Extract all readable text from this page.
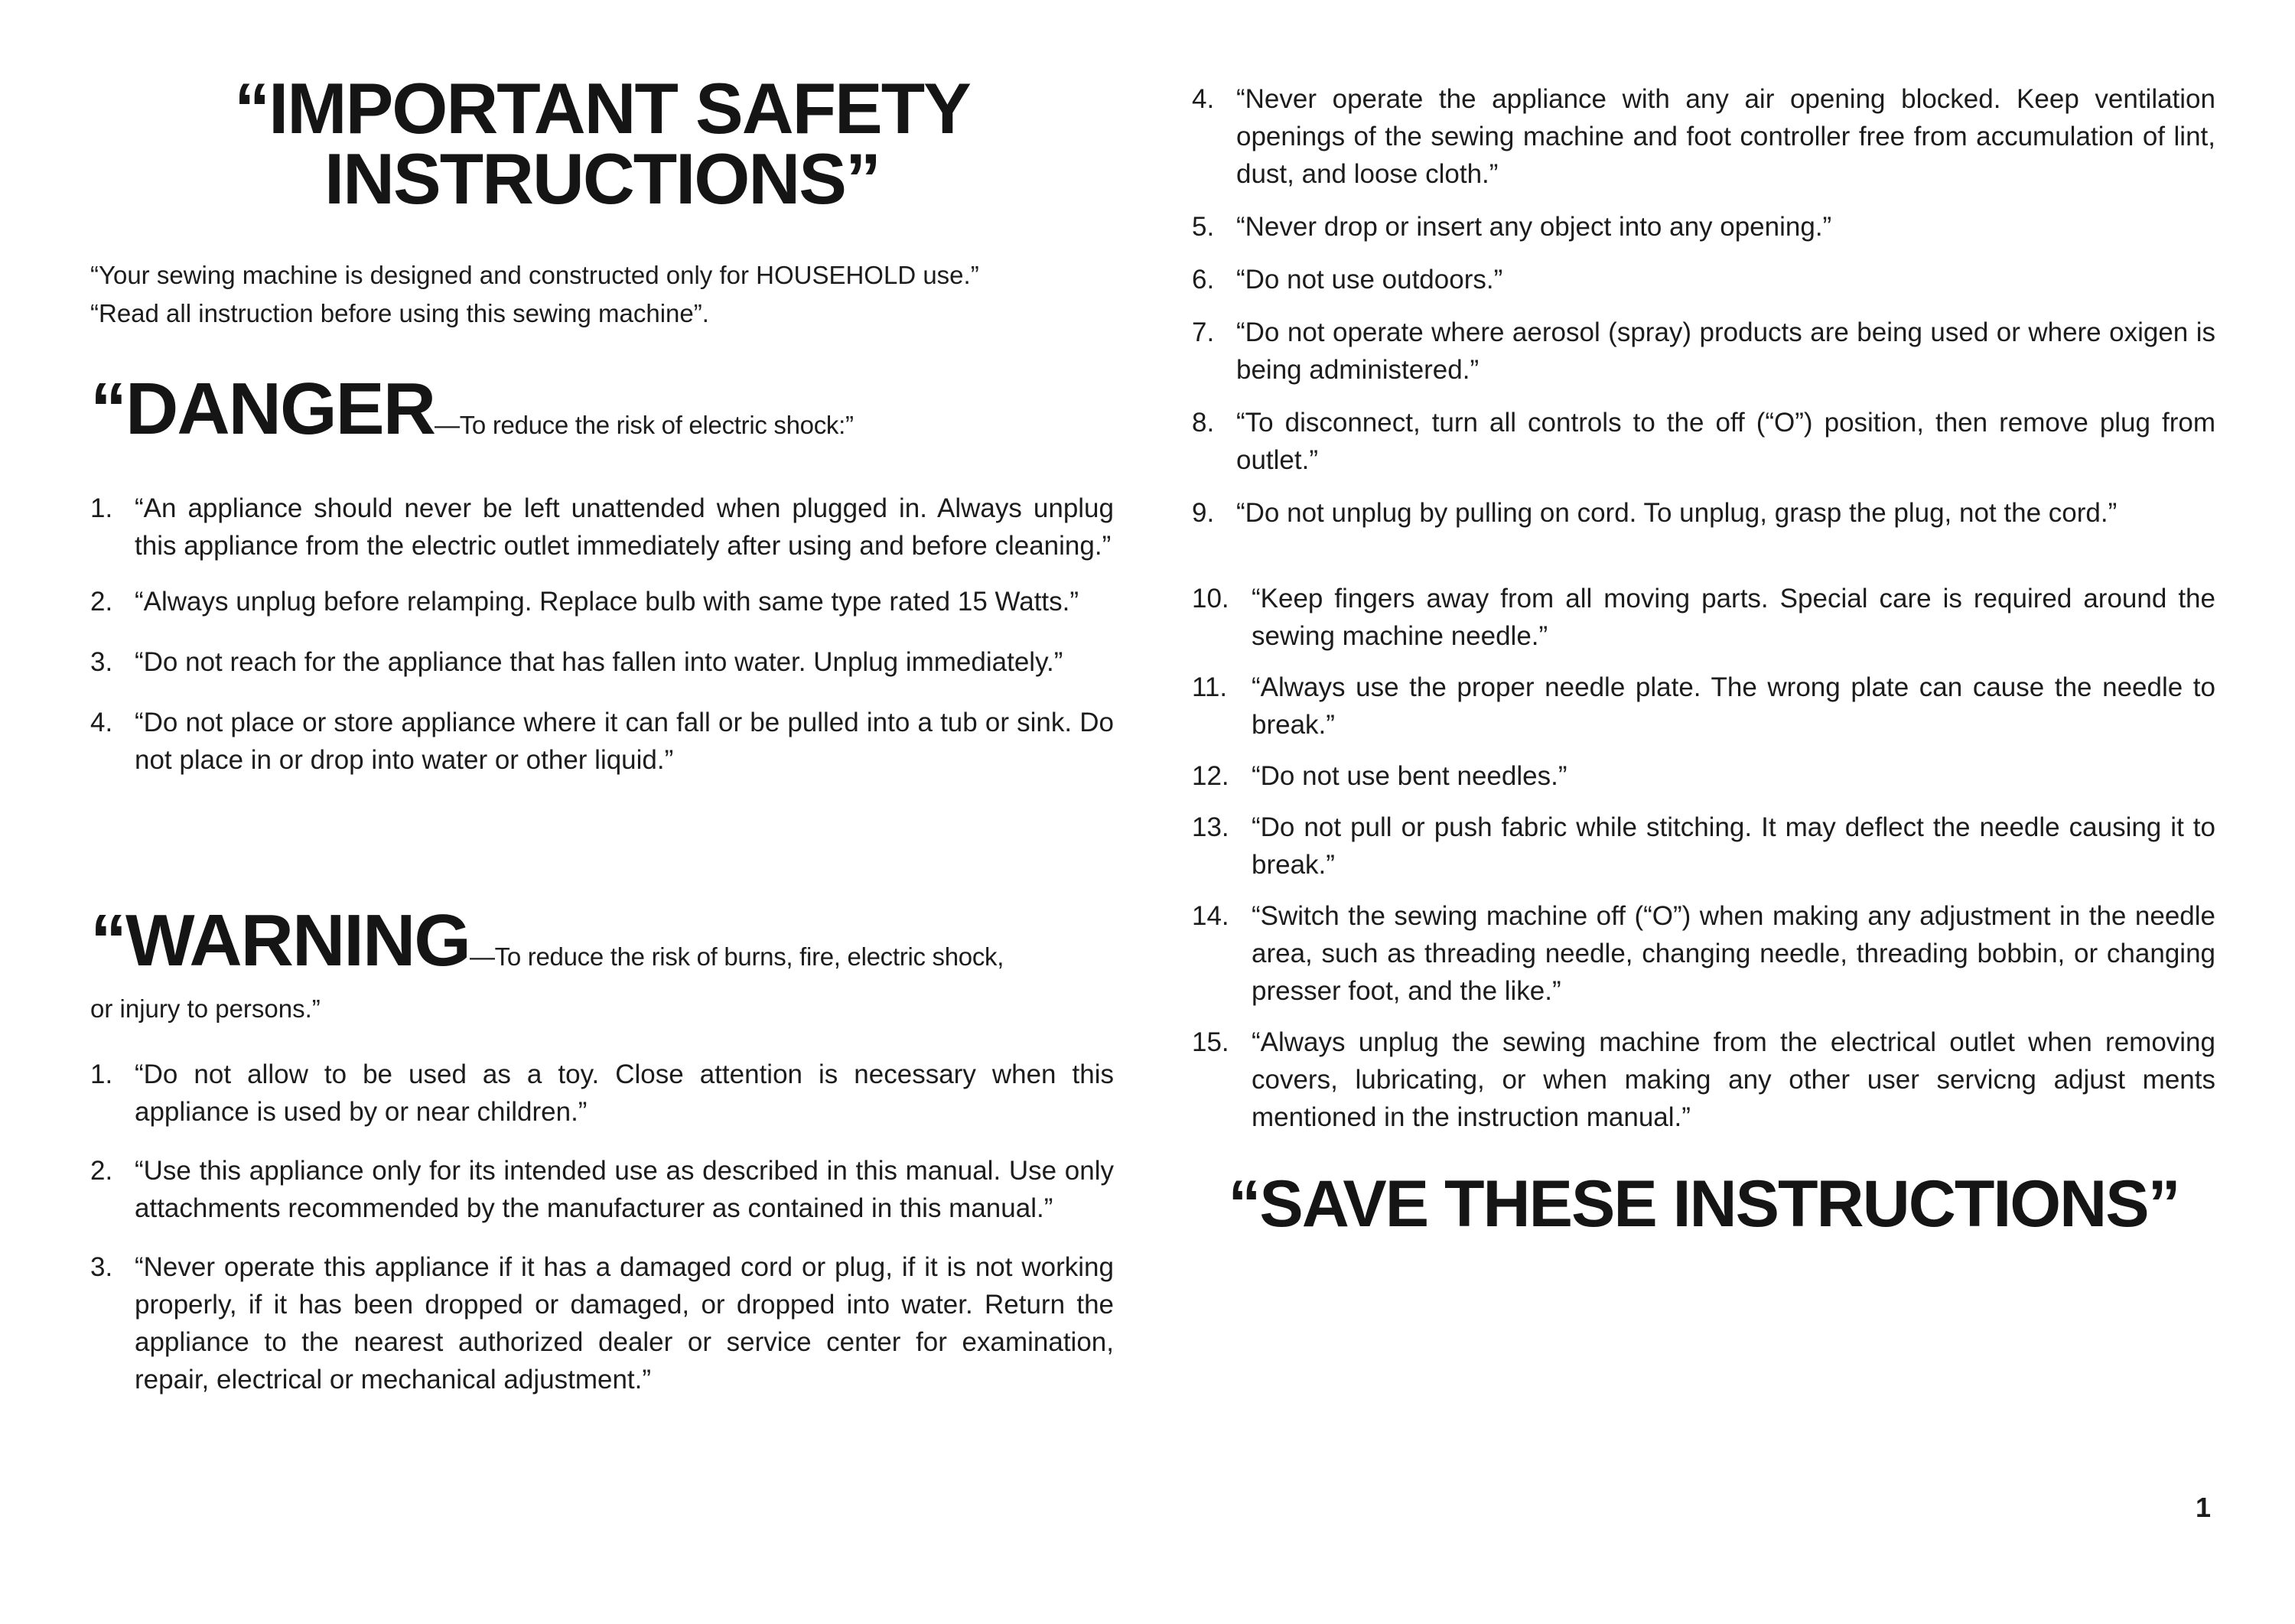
“IMPORTANT SAFETY INSTRUCTIONS”
“Your sewing machine is designed and constructed only for HOUSEHOLD use.”
“Read all instruction before using this sewing machine”.
“DANGER—To reduce the risk of electric shock:”
1. “An appliance should never be left unattended when plugged in. Always unplug this appliance from the electric outlet immediately after using and before cleaning.”
2. “Always unplug before relamping. Replace bulb with same type rated 15 Watts.”
3. “Do not reach for the appliance that has fallen into water. Unplug immediately.”
4. “Do not place or store appliance where it can fall or be pulled into a tub or sink. Do not place in or drop into water or other liquid.”
“WARNING—To reduce the risk of burns, fire, electric shock,
or injury to persons.”
1. “Do not allow to be used as a toy. Close attention is necessary when this appliance is used by or near children.”
2. “Use this appliance only for its intended use as described in this manual. Use only attachments recommended by the manufacturer as contained in this manual.”
3. “Never operate this appliance if it has a damaged cord or plug, if it is not working properly, if it has been dropped or damaged, or dropped into water. Return the appliance to the nearest authorized dealer or service center for examination, repair, electrical or mechanical adjustment.”
4. “Never operate the appliance with any air opening blocked. Keep ventilation openings of the sewing machine and foot controller free from accumulation of lint, dust, and loose cloth.”
5. “Never drop or insert any object into any opening.”
6. “Do not use outdoors.”
7. “Do not operate where aerosol (spray) products are being used or where oxigen is being administered.”
8. “To disconnect, turn all controls to the off (“O”) position, then remove plug from outlet.”
9. “Do not unplug by pulling on cord. To unplug, grasp the plug, not the cord.”
10. “Keep fingers away from all moving parts. Special care is required around the sewing machine needle.”
11. “Always use the proper needle plate. The wrong plate can cause the needle to break.”
12. “Do not use bent needles.”
13. “Do not pull or push fabric while stitching. It may deflect the needle causing it to break.”
14. “Switch the sewing machine off (“O”) when making any adjustment in the needle area, such as threading needle, changing needle, threading bobbin, or changing presser foot, and the like.”
15. “Always unplug the sewing machine from the electrical outlet when removing covers, lubricating, or when making any other user servicng adjust ments mentioned in the instruction manual.”
“SAVE THESE INSTRUCTIONS”
1
